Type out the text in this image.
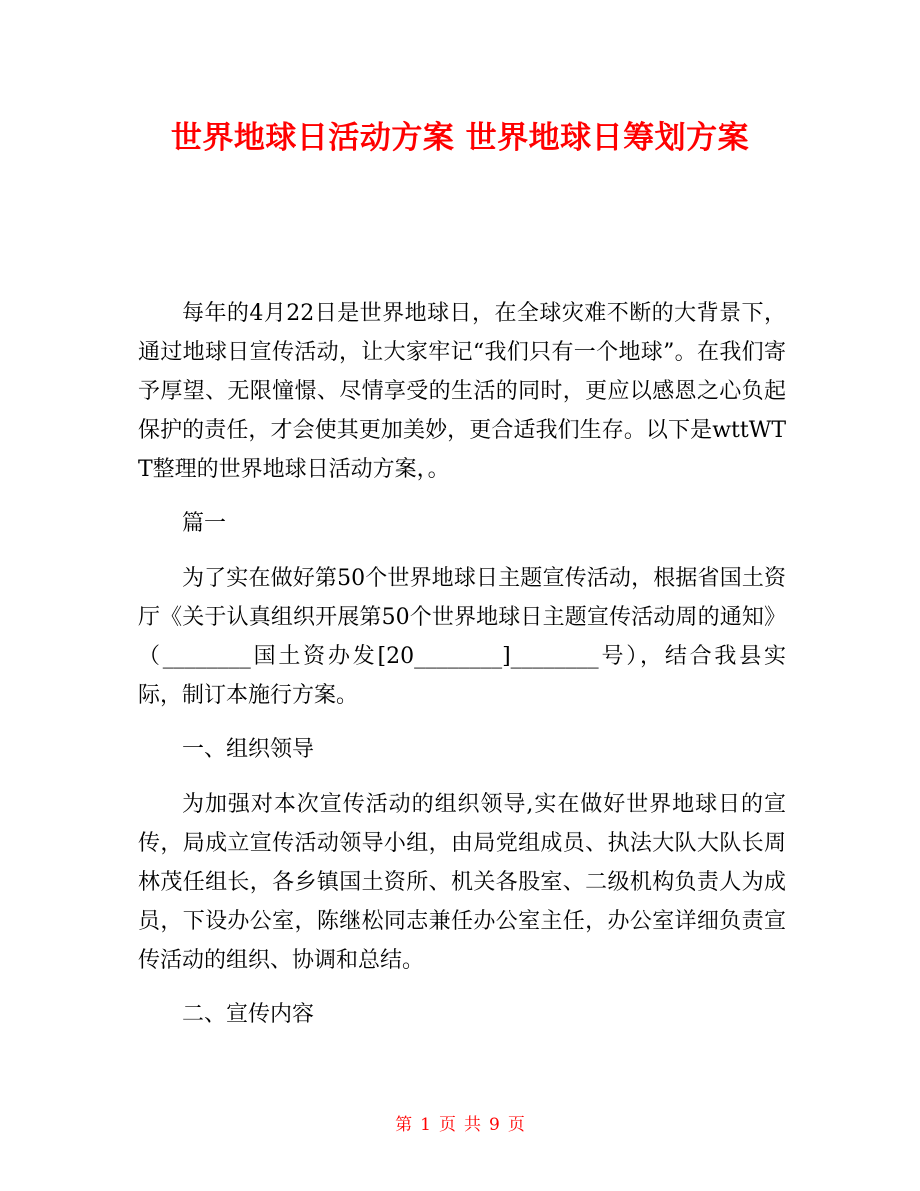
世界地球日活动方案 世界地球日筹划方案

每年的4月22日是世界地球日，在全球灾难不断的大背景下，通过地球日宣传活动，让大家牢记“我们只有一个地球”。在我们寄予厚望、无限憧憬、尽情享受的生活的同时，更应以感恩之心负起保护的责任，才会使其更加美妙，更合适我们生存。以下是wttWTT整理的世界地球日活动方案，。

篇一

为了实在做好第50个世界地球日主题宣传活动，根据省国土资厅《关于认真组织开展第50个世界地球日主题宣传活动周的通知》（________国土资办发[20________]________号），结合我县实际，制订本施行方案。

一、组织领导

为加强对本次宣传活动的组织领导,实在做好世界地球日的宣传，局成立宣传活动领导小组，由局党组成员、执法大队大队长周林茂任组长，各乡镇国土资所、机关各股室、二级机构负责人为成员，下设办公室，陈继松同志兼任办公室主任，办公室详细负责宣传活动的组织、协调和总结。

二、宣传内容

第 1 页 共 9 页
